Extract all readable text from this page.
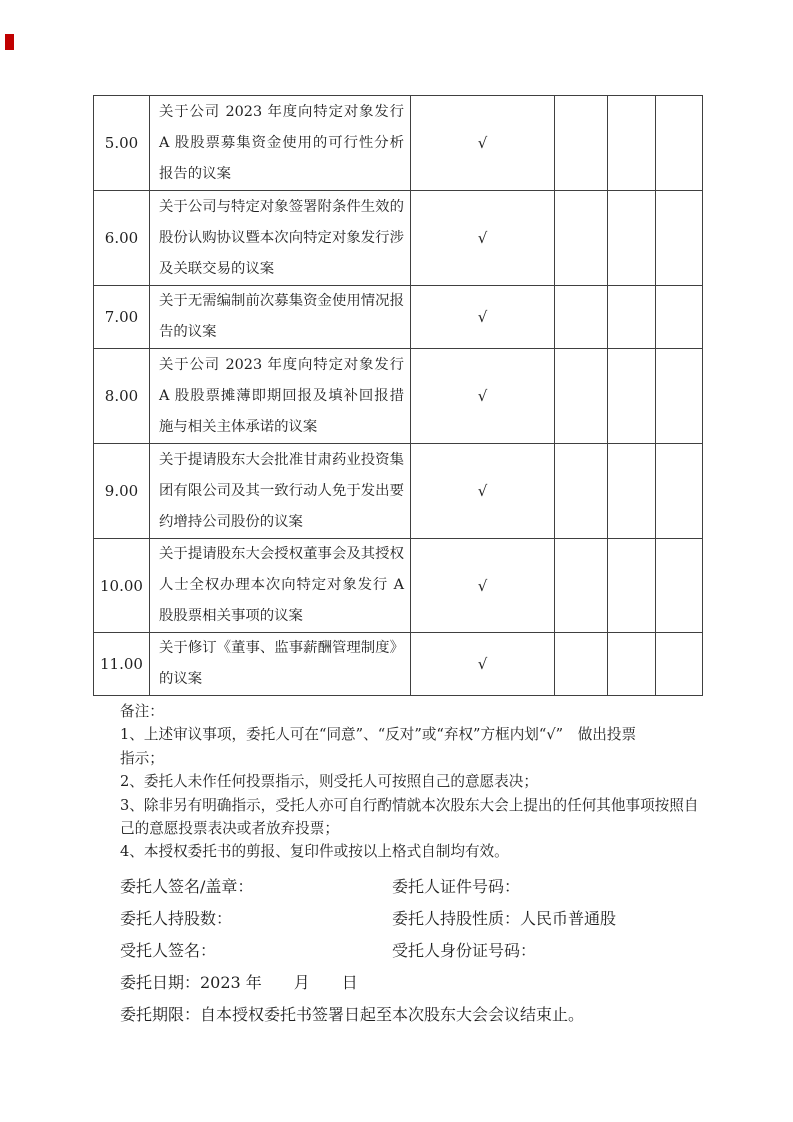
5.00	关于公司 2023 年度向特定对象发行 A 股股票募集资金使用的可行性分析报告的议案	√			
6.00	关于公司与特定对象签署附条件生效的股份认购协议暨本次向特定对象发行涉及关联交易的议案	√			
7.00	关于无需编制前次募集资金使用情况报告的议案	√			
8.00	关于公司 2023 年度向特定对象发行 A 股股票摊薄即期回报及填补回报措施与相关主体承诺的议案	√			
9.00	关于提请股东大会批准甘肃药业投资集团有限公司及其一致行动人免于发出要约增持公司股份的议案	√			
10.00	关于提请股东大会授权董事会及其授权人士全权办理本次向特定对象发行 A 股股票相关事项的议案	√			
11.00	关于修订《董事、监事薪酬管理制度》的议案	√			
备注：
1、上述审议事项，委托人可在“同意”、“反对”或“弃权”方框内划“√”　做出投票
指示；
2、委托人未作任何投票指示，则受托人可按照自己的意愿表决；
3、除非另有明确指示，受托人亦可自行酌情就本次股东大会上提出的任何其他事项按照自
己的意愿投票表决或者放弃投票；
4、本授权委托书的剪报、复印件或按以上格式自制均有效。
委托人签名/盖章：	委托人证件号码：
委托人持股数：	委托人持股性质：人民币普通股
受托人签名：	受托人身份证号码：
委托日期：2023 年　　月　　日
委托期限：自本授权委托书签署日起至本次股东大会会议结束止。
